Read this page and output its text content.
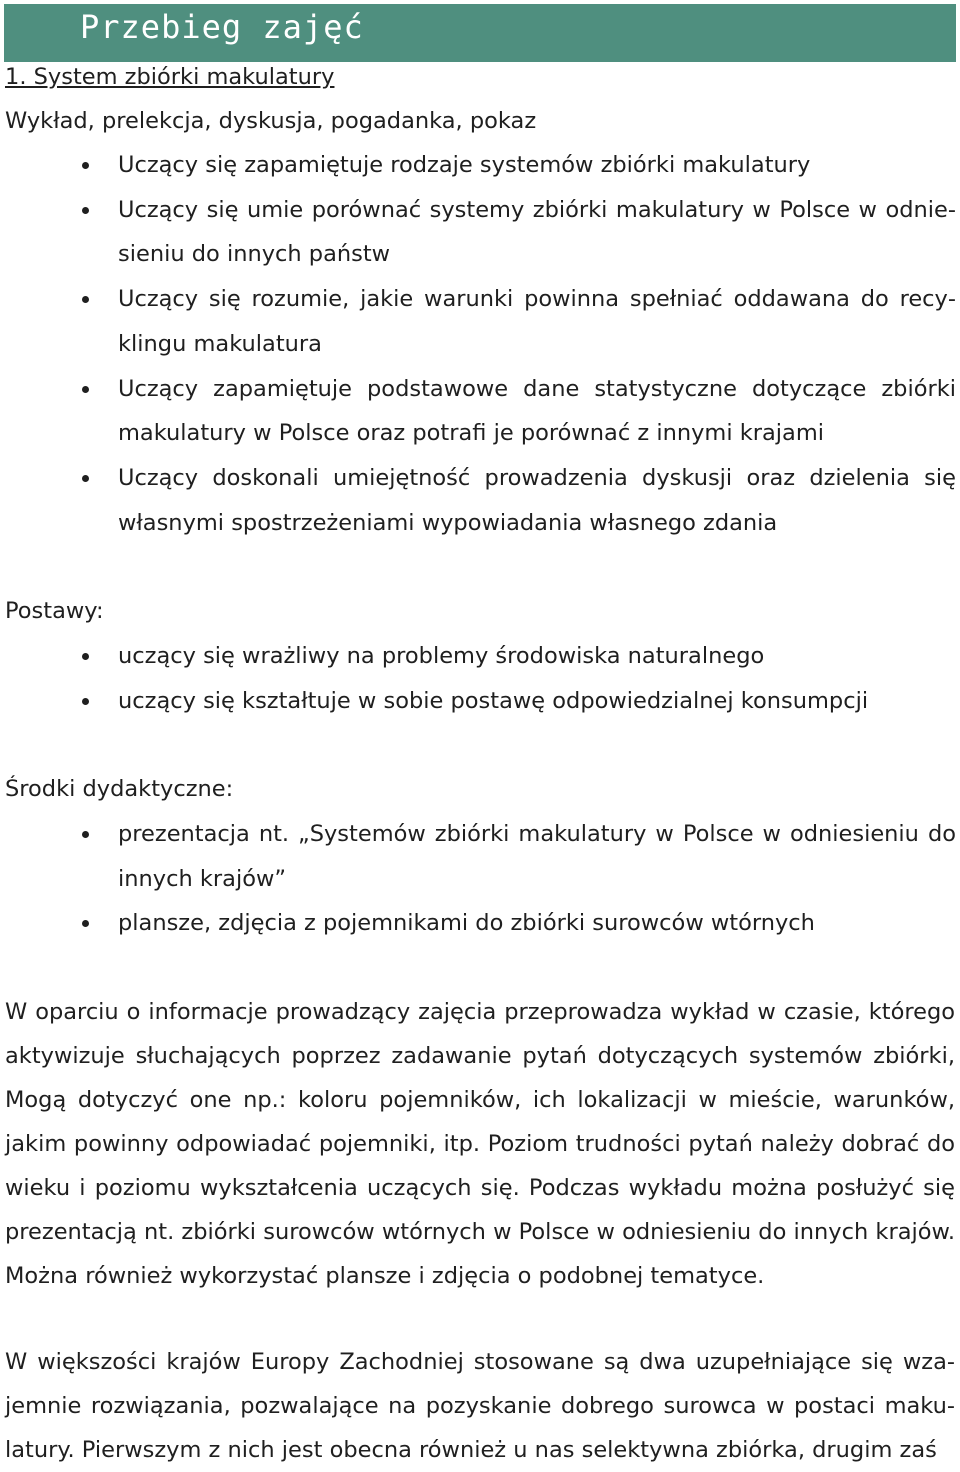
Przebieg zajęć
1. System zbiórki makulatury
Wykład, prelekcja, dyskusja, pogadanka, pokaz
Uczący się zapamiętuje rodzaje systemów zbiórki makulatury
Uczący się umie porównać systemy zbiórki makulatury w Polsce w odniesieniu do innych państw
Uczący się rozumie, jakie warunki powinna spełniać oddawana do recyklingu makulatura
Uczący zapamiętuje podstawowe dane statystyczne dotyczące zbiórki makulatury w Polsce oraz potrafi je porównać z innymi krajami
Uczący doskonali umiejętność prowadzenia dyskusji oraz dzielenia się własnymi spostrzeżeniami wypowiadania własnego zdania
Postawy:
uczący się wrażliwy na problemy środowiska naturalnego
uczący się kształtuje w sobie postawę odpowiedzialnej konsumpcji
Środki dydaktyczne:
prezentacja nt. „Systemów zbiórki makulatury w Polsce w odniesieniu do innych krajów”
plansze, zdjęcia z pojemnikami do zbiórki surowców wtórnych

W oparciu o informacje prowadzący zajęcia przeprowadza wykład w czasie, którego aktywizuje słuchających poprzez zadawanie pytań dotyczących systemów zbiórki, Mogą dotyczyć one np.: koloru pojemników, ich lokalizacji w mieście, warunków, jakim powinny odpowiadać pojemniki, itp. Poziom trudności pytań należy dobrać do wieku i poziomu wykształcenia uczących się. Podczas wykładu można posłużyć się prezentacją nt. zbiórki surowców wtórnych w Polsce w odniesieniu do innych krajów. Można również wykorzystać plansze i zdjęcia o podobnej tematyce.

W większości krajów Europy Zachodniej stosowane są dwa uzupełniające się wzajemnie rozwiązania, pozwalające na pozyskanie dobrego surowca w postaci makulatury. Pierwszym z nich jest obecna również u nas selektywna zbiórka, drugim zaś
